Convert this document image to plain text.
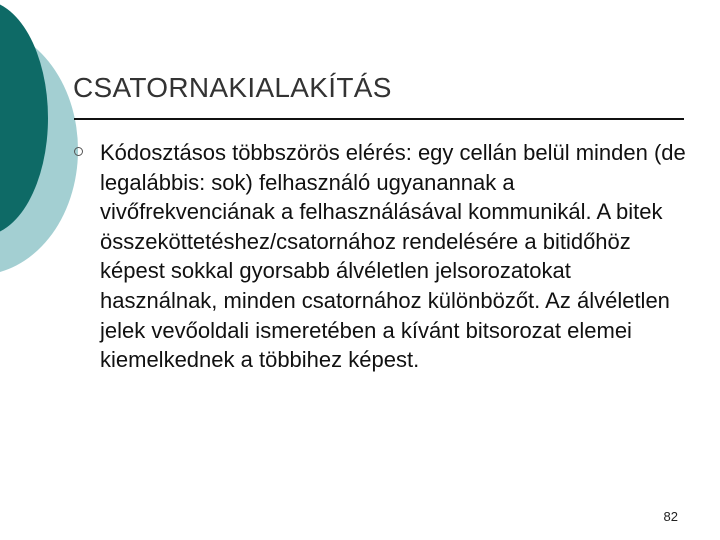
CSATORNAKIALAKÍTÁS

Kódosztásos többszörös elérés: egy cellán belül minden (de legalábbis: sok) felhasználó ugyanannak a vivőfrekvenciának a felhasználásával kommunikál. A bitek összeköttetéshez/csatornához rendelésére a bitidőhöz képest sokkal gyorsabb álvéletlen jelsorozatokat használnak, minden csatornához különbözőt. Az álvéletlen jelek vevőoldali ismeretében a kívánt bitsorozat elemei kiemelkednek a többihez képest.

82
